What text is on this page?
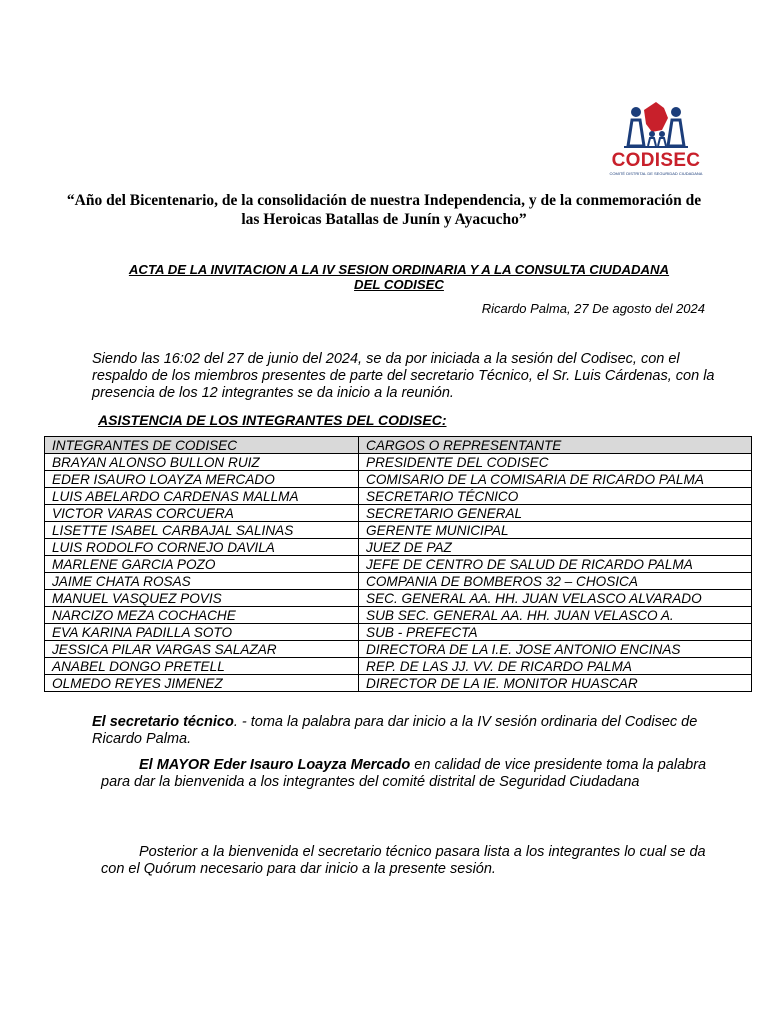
CODISEC
COMITÉ DISTRITAL DE SEGURIDAD CIUDADANA
“Año del Bicentenario, de la consolidación de nuestra Independencia, y de la conmemoración de
las Heroicas Batallas de Junín y Ayacucho”
ACTA DE LA INVITACION A LA IV SESION ORDINARIA Y A LA CONSULTA CIUDADANA
DEL CODISEC
Ricardo Palma, 27 De agosto del 2024
Siendo las 16:02 del 27 de junio del 2024, se da por iniciada a la sesión del Codisec, con el respaldo de los miembros presentes de parte del secretario Técnico, el Sr. Luis Cárdenas, con la presencia de los 12 integrantes se da inicio a la reunión.
ASISTENCIA DE LOS INTEGRANTES DEL CODISEC:
INTEGRANTES DE CODISEC	CARGOS O REPRESENTANTE
BRAYAN ALONSO BULLON RUIZ	PRESIDENTE DEL CODISEC
EDER ISAURO LOAYZA MERCADO	COMISARIO DE LA COMISARIA DE RICARDO PALMA
LUIS ABELARDO CARDENAS MALLMA	SECRETARIO TÉCNICO
VICTOR VARAS CORCUERA	SECRETARIO GENERAL
LISETTE ISABEL CARBAJAL SALINAS	GERENTE MUNICIPAL
LUIS RODOLFO CORNEJO DAVILA	JUEZ DE PAZ
MARLENE GARCIA POZO	JEFE DE CENTRO DE SALUD DE RICARDO PALMA
JAIME CHATA ROSAS	COMPANIA DE BOMBEROS 32 – CHOSICA
MANUEL VASQUEZ POVIS	SEC. GENERAL AA. HH. JUAN VELASCO ALVARADO
NARCIZO MEZA COCHACHE	SUB SEC. GENERAL AA. HH. JUAN VELASCO A.
EVA KARINA PADILLA SOTO	SUB - PREFECTA
JESSICA PILAR VARGAS SALAZAR	DIRECTORA DE LA I.E. JOSE ANTONIO ENCINAS
ANABEL DONGO PRETELL	REP. DE LAS JJ. VV. DE RICARDO PALMA
OLMEDO REYES JIMENEZ	DIRECTOR DE LA IE. MONITOR HUASCAR
El secretario técnico. - toma la palabra para dar inicio a la IV sesión ordinaria del Codisec de Ricardo Palma.
El MAYOR Eder Isauro Loayza Mercado en calidad de vice presidente toma la palabra para dar la bienvenida a los integrantes del comité distrital de Seguridad Ciudadana
Posterior a la bienvenida el secretario técnico pasara lista a los integrantes lo cual se da con el Quórum necesario para dar inicio a la presente sesión.
